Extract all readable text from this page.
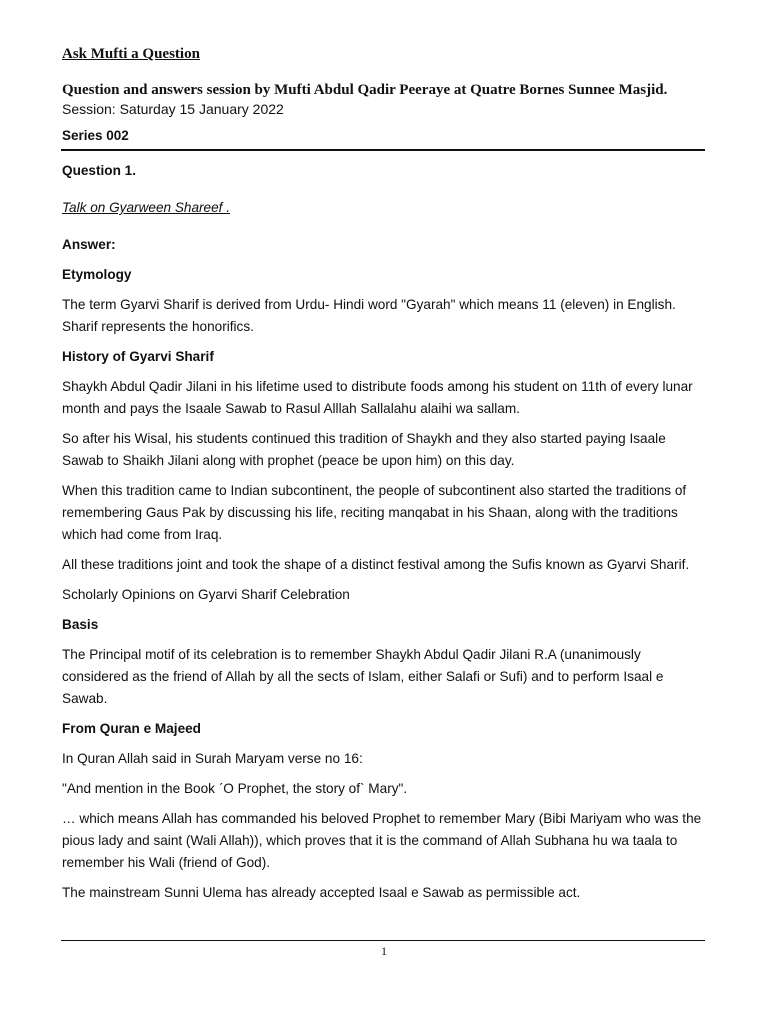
Ask Mufti a Question

Question and answers session by Mufti Abdul Qadir Peeraye at Quatre Bornes Sunnee Masjid.

Session: Saturday 15 January 2022

Series 002

Question 1.

Talk on Gyarween Shareef .

Answer:

Etymology

The term Gyarvi Sharif is derived from Urdu- Hindi word "Gyarah" which means 11 (eleven) in English. Sharif represents the honorifics.

History of Gyarvi Sharif

Shaykh Abdul Qadir Jilani in his lifetime used to distribute foods among his student on 11th of every lunar month and pays the Isaale Sawab to Rasul Alllah Sallalahu alaihi wa sallam.

So after his Wisal, his students continued this tradition of Shaykh and they also started paying Isaale Sawab to Shaikh Jilani along with prophet (peace be upon him) on this day.

When this tradition came to Indian subcontinent, the people of subcontinent also started the traditions of remembering Gaus Pak by discussing his life, reciting manqabat in his Shaan, along with the traditions which had come from Iraq.

All these traditions joint and took the shape of a distinct festival among the Sufis known as Gyarvi Sharif.

Scholarly Opinions on Gyarvi Sharif Celebration

Basis

The Principal motif of its celebration is to remember Shaykh Abdul Qadir Jilani R.A (unanimously considered as the friend of Allah by all the sects of Islam, either Salafi or Sufi) and to perform Isaal e Sawab.

From Quran e Majeed

In Quran Allah said in Surah Maryam verse no 16:

"And mention in the Book ˊO Prophet, the story of` Mary".

… which means Allah has commanded his beloved Prophet to remember Mary (Bibi Mariyam who was the pious lady and saint (Wali Allah)), which proves that it is the command of Allah Subhana hu wa taala to remember his Wali (friend of God).

The mainstream Sunni Ulema has already accepted Isaal e Sawab as permissible act.

1
